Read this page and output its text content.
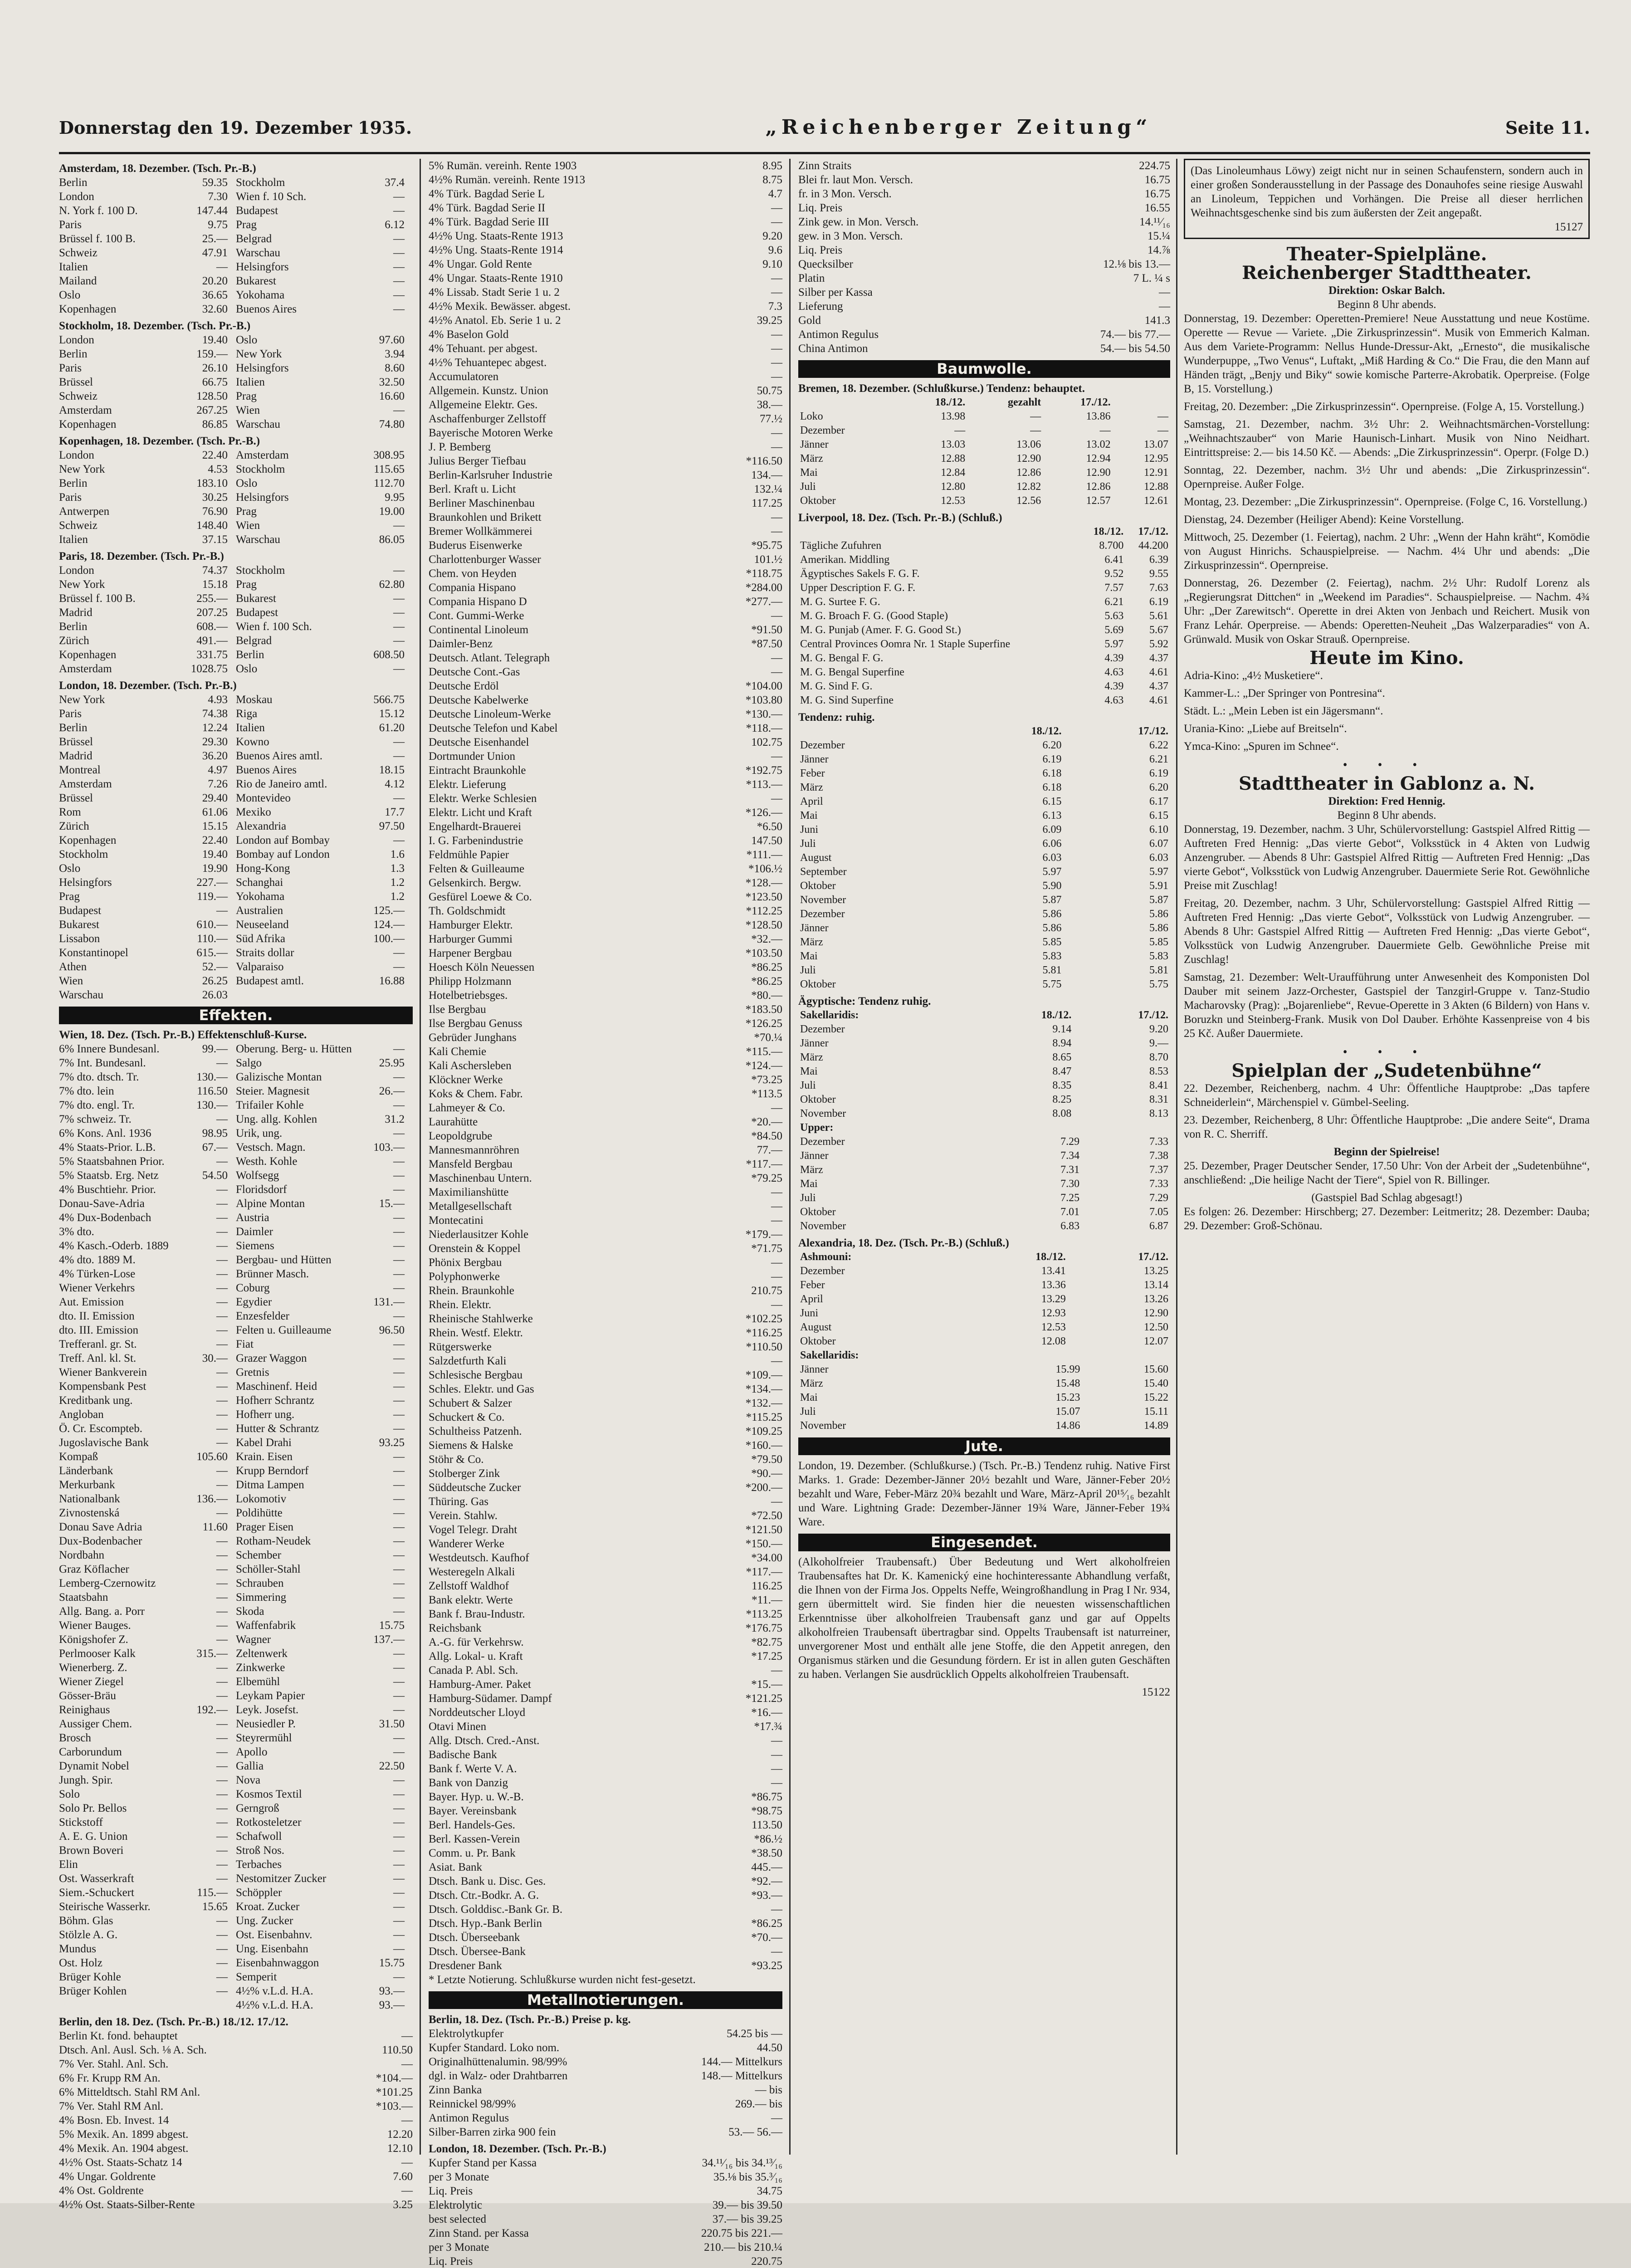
Donnerstag den 19. Dezember 1935.	„Reichenberger Zeitung“	Seite 11.
Amsterdam, 18. Dezember. (Tsch. Pr.-B.)
Berlin	59.35 Stockholm	37.4
London	7.30 Wien f. 10 Sch.	—
N. York f. 100 D.	147.44 Budapest	—
Paris	9.75 Prag	6.12
Brüssel f. 100 B.	25.— Belgrad	—
Schweiz	47.91 Warschau	—
Italien	— Helsingfors	—
Mailand	20.20 Bukarest	—
Oslo	36.65 Yokohama	—
Kopenhagen	32.60 Buenos Aires	—
Stockholm, 18. Dezember. (Tsch. Pr.-B.)
London	19.40 Oslo	97.60
Berlin	159.— New York	3.94
Paris	26.10 Helsingfors	8.60
Brüssel	66.75 Italien	32.50
Schweiz	128.50 Prag	16.60
Amsterdam	267.25 Wien	—
Kopenhagen	86.85 Warschau	74.80
Kopenhagen, 18. Dezember. (Tsch. Pr.-B.)
London	22.40 Amsterdam	308.95
New York	4.53 Stockholm	115.65
Berlin	183.10 Oslo	112.70
Paris	30.25 Helsingfors	9.95
Antwerpen	76.90 Prag	19.00
Schweiz	148.40 Wien	—
Italien	37.15 Warschau	86.05
Paris, 18. Dezember. (Tsch. Pr.-B.)
London	74.37 Stockholm	—
New York	15.18 Prag	62.80
Brüssel f. 100 B.	255.— Bukarest	—
Madrid	207.25 Budapest	—
Berlin	608.— Wien f. 100 Sch.	—
Zürich	491.— Belgrad	—
Kopenhagen	331.75 Berlin	608.50
Amsterdam	1028.75 Oslo	—
London, 18. Dezember. (Tsch. Pr.-B.)
New York	4.93 Moskau	566.75
Paris	74.38 Riga	15.12
Berlin	12.24 Italien	61.20
Brüssel	29.30 Kowno	—
Madrid	36.20 Buenos Aires amtl.	—
Montreal	4.97 Buenos Aires	18.15
Amsterdam	7.26 Rio de Janeiro amtl.	4.12
Brüssel	29.40 Montevideo	—
Rom	61.06 Mexiko	17.7
Zürich	15.15 Alexandria	97.50
Kopenhagen	22.40 London auf Bombay	—
Stockholm	19.40 Bombay auf London	1.6
Oslo	19.90 Hong-Kong	1.3
Helsingfors	227.— Schanghai	1.2
Prag	119.— Yokohama	1.2
Budapest	— Australien	125.—
Bukarest	610.— Neuseeland	124.—
Lissabon	110.— Süd Afrika	100.—
Konstantinopel	615.— Straits dollar	—
Athen	52.— Valparaiso	—
Wien	26.25 Budapest amtl.	16.88
Warschau	26.03
Effekten.
Wien, 18. Dez. (Tsch. Pr.-B.) Effektenschluß-Kurse.
6% Innere Bundesanl.	99.— Oberung. Berg- u. Hütten	—
7% Int. Bundesanl.	— Salgo	25.95
7% dto. dtsch. Tr.	130.— Galizische Montan	—
7% dto. lein	116.50 Steier. Magnesit	26.—
7% dto. engl. Tr.	130.— Trifailer Kohle	—
7% schweiz. Tr.	— Ung. allg. Kohlen	31.2
6% Kons. Anl. 1936	98.95 Urik, ung.	—
4% Staats-Prior. L.B.	67.— Vestsch. Magn.	103.—
5% Staatsbahnen Prior.	— Westh. Kohle	—
5% Staatsb. Erg. Netz	54.50 Wolfsegg	—
4% Buschtiehr. Prior.	— Floridsdorf	—
Donau-Save-Adria	— Alpine Montan	15.—
4% Dux-Bodenbach	— Austria	—
3% dto.	— Daimler	—
4% Kasch.-Oderb. 1889	— Siemens	—
4% dto. 1889 M.	— Bergbau- und Hütten	—
4% Türken-Lose	— Brünner Masch.	—
Wiener Verkehrs	— Coburg	—
Aut. Emission	— Egydier	131.—
dto. II. Emission	— Enzesfelder	—
dto. III. Emission	— Felten u. Guilleaume	96.50
Trefferanl. gr. St.	— Fiat	—
Treff. Anl. kl. St.	30.— Grazer Waggon	—
Wiener Bankverein	— Gretnis	—
Kompensbank Pest	— Maschinenf. Heid	—
Kreditbank ung.	— Hofherr Schrantz	—
Angloban	— Hofherr ung.	—
Ö. Cr. Escompteb.	— Hutter & Schrantz	—
Jugoslavische Bank	— Kabel Drahi	93.25
Kompaß	105.60 Krain. Eisen	—
Länderbank	— Krupp Berndorf	—
Merkurbank	— Ditma Lampen	—
Nationalbank	136.— Lokomotiv	—
Zivnostenská	— Poldihütte	—
Donau Save Adria	11.60 Prager Eisen	—
Dux-Bodenbacher	— Rotham-Neudek	—
Nordbahn	— Schember	—
Graz Köflacher	— Schöller-Stahl	—
Lemberg-Czernowitz	— Schrauben	—
Staatsbahn	— Simmering	—
Allg. Bang. a. Porr	— Skoda	—
Wiener Bauges.	— Waffenfabrik	15.75
Königshofer Z.	— Wagner	137.—
Perlmooser Kalk	315.— Zeltenwerk	—
Wienerberg. Z.	— Zinkwerke	—
Wiener Ziegel	— Elbemühl	—
Gösser-Bräu	— Leykam Papier	—
Reinighaus	192.— Leyk. Josefst.	—
Aussiger Chem.	— Neusiedler P.	31.50
Brosch	— Steyrermühl	—
Carborundum	— Apollo	—
Dynamit Nobel	— Gallia	22.50
Jungh. Spir.	— Nova	—
Solo	— Kosmos Textil	—
Solo Pr. Bellos	— Gerngroß	—
Stickstoff	— Rotkosteletzer	—
A. E. G. Union	— Schafwoll	—
Brown Boveri	— Stroß Nos.	—
Elin	— Terbaches	—
Ost. Wasserkraft	— Nestomitzer Zucker	—
Siem.-Schuckert	115.— Schöppler	—
Steirische Wasserkr.	15.65 Kroat. Zucker	—
Böhm. Glas	— Ung. Zucker	—
Stölzle A. G.	— Ost. Eisenbahnv.	—
Mundus	— Ung. Eisenbahn	—
Ost. Holz	— Eisenbahnwaggon	15.75
Brüger Kohle	— Semperit	—
Brüger Kohlen	— 4½% v.L.d. H.A.	93.—
4½% v.L.d. H.A.	93.—
Berlin, den 18. Dez. (Tsch. Pr.-B.) 18./12. 17./12.
Berlin Kt. fond. behauptet	—
Dtsch. Anl. Ausl. Sch. ⅛ A. Sch.	110.50
7% Ver. Stahl. Anl. Sch.	—
6% Fr. Krupp RM An.	*104.—
6% Mitteldtsch. Stahl RM Anl.	*101.25
7% Ver. Stahl RM Anl.	*103.—
4% Bosn. Eb. Invest. 14	—
5% Mexik. An. 1899 abgest.	12.20
4% Mexik. An. 1904 abgest.	12.10
4½% Ost. Staats-Schatz 14	—
4% Ungar. Goldrente	7.60
4% Ost. Goldrente	—
4½% Ost. Staats-Silber-Rente	3.25
5% Rumän. vereinh. Rente 1903	8.95
4½% Rumän. vereinh. Rente 1913	8.75
4% Türk. Bagdad Serie L	4.7
4% Türk. Bagdad Serie II	—
4% Türk. Bagdad Serie III	—
4½% Ung. Staats-Rente 1913	9.20
4½% Ung. Staats-Rente 1914	9.6
4% Ungar. Gold Rente	9.10
4% Ungar. Staats-Rente 1910	—
4% Lissab. Stadt Serie 1 u. 2	—
4½% Mexik. Bewässer. abgest.	7.3
4½% Anatol. Eb. Serie 1 u. 2	39.25
4% Baselon Gold	—
4% Tehuant. per abgest.	—
4½% Tehuantepec abgest.	—
Accumulatoren	—
Allgemein. Kunstz. Union	50.75
Allgemeine Elektr. Ges.	38.—
Aschaffenburger Zellstoff	77.½
Bayerische Motoren Werke	—
J. P. Bemberg	—
Julius Berger Tiefbau	*116.50
Berlin-Karlsruher Industrie	134.—
Berl. Kraft u. Licht	132.¼
Berliner Maschinenbau	117.25
Braunkohlen und Brikett	—
Bremer Wollkämmerei	—
Buderus Eisenwerke	*95.75
Charlottenburger Wasser	101.½
Chem. von Heyden	*118.75
Compania Hispano	*284.00
Compania Hispano D	*277.—
Cont. Gummi-Werke	—
Continental Linoleum	*91.50
Daimler-Benz	*87.50
Deutsch. Atlant. Telegraph	—
Deutsche Cont.-Gas	—
Deutsche Erdöl	*104.00
Deutsche Kabelwerke	*103.80
Deutsche Linoleum-Werke	*130.—
Deutsche Telefon und Kabel	*118.—
Deutsche Eisenhandel	102.75
Dortmunder Union	—
Eintracht Braunkohle	*192.75
Elektr. Lieferung	*113.—
Elektr. Werke Schlesien	—
Elektr. Licht und Kraft	*126.—
Engelhardt-Brauerei	*6.50
I. G. Farbenindustrie	147.50
Feldmühle Papier	*111.—
Felten & Guilleaume	*106.½
Gelsenkirch. Bergw.	*128.—
Gesfürel Loewe & Co.	*123.50
Th. Goldschmidt	*112.25
Hamburger Elektr.	*128.50
Harburger Gummi	*32.—
Harpener Bergbau	*103.50
Hoesch Köln Neuessen	*86.25
Philipp Holzmann	*86.25
Hotelbetriebsges.	*80.—
Ilse Bergbau	*183.50
Ilse Bergbau Genuss	*126.25
Gebrüder Junghans	*70.¼
Kali Chemie	*115.—
Kali Aschersleben	*124.—
Klöckner Werke	*73.25
Koks & Chem. Fabr.	*113.5
Lahmeyer & Co.	—
Laurahütte	*20.—
Leopoldgrube	*84.50
Mannesmannröhren	77.—
Mansfeld Bergbau	*117.—
Maschinenbau Untern.	*79.25
Maximilianshütte	—
Metallgesellschaft	—
Montecatini	—
Niederlausitzer Kohle	*179.—
Orenstein & Koppel	*71.75
Phönix Bergbau	—
Polyphonwerke	—
Rhein. Braunkohle	210.75
Rhein. Elektr.	—
Rheinische Stahlwerke	*102.25
Rhein. Westf. Elektr.	*116.25
Rütgerswerke	*110.50
Salzdetfurth Kali	—
Schlesische Bergbau	*109.—
Schles. Elektr. und Gas	*134.—
Schubert & Salzer	*132.—
Schuckert & Co.	*115.25
Schultheiss Patzenh.	*109.25
Siemens & Halske	*160.—
Stöhr & Co.	*79.50
Stolberger Zink	*90.—
Süddeutsche Zucker	*200.—
Thüring. Gas	—
Verein. Stahlw.	*72.50
Vogel Telegr. Draht	*121.50
Wanderer Werke	*150.—
Westdeutsch. Kaufhof	*34.00
Westeregeln Alkali	*117.—
Zellstoff Waldhof	116.25
Bank elektr. Werte	*11.—
Bank f. Brau-Industr.	*113.25
Reichsbank	*176.75
A.-G. für Verkehrsw.	*82.75
Allg. Lokal- u. Kraft	*17.25
Canada P. Abl. Sch.	—
Hamburg-Amer. Paket	*15.—
Hamburg-Südamer. Dampf	*121.25
Norddeutscher Lloyd	*16.—
Otavi Minen	*17.¾
Allg. Dtsch. Cred.-Anst.	—
Badische Bank	—
Bank f. Werte V. A.	—
Bank von Danzig	—
Bayer. Hyp. u. W.-B.	*86.75
Bayer. Vereinsbank	*98.75
Berl. Handels-Ges.	113.50
Berl. Kassen-Verein	*86.½
Comm. u. Pr. Bank	*38.50
Asiat. Bank	445.—
Dtsch. Bank u. Disc. Ges.	*92.—
Dtsch. Ctr.-Bodkr. A. G.	*93.—
Dtsch. Golddisc.-Bank Gr. B.	—
Dtsch. Hyp.-Bank Berlin	*86.25
Dtsch. Überseebank	*70.—
Dtsch. Übersee-Bank	—
Dresdener Bank	*93.25
* Letzte Notierung. Schlußkurse wurden nicht fest-gesetzt.
Metallnotierungen.
Berlin, 18. Dez. (Tsch. Pr.-B.) Preise p. kg.
Elektrolytkupfer	54.25 bis —
Kupfer Standard. Loko nom.	44.50
Originalhüttenalumin. 98/99%	144.— Mittelkurs
dgl. in Walz- oder Drahtbarren	148.— Mittelkurs
Zinn Banka	— bis
Reinnickel 98/99%	269.— bis
Antimon Regulus	—
Silber-Barren zirka 900 fein	53.— 56.—
London, 18. Dezember. (Tsch. Pr.-B.)
Kupfer Stand per Kassa	34.¹¹⁄₁₆ bis 34.¹³⁄₁₆
per 3 Monate	35.⅛ bis 35.³⁄₁₆
Liq. Preis	34.75
Elektrolytic	39.— bis 39.50
best selected	37.— bis 39.25
Zinn Stand. per Kassa	220.75 bis 221.—
per 3 Monate	210.— bis 210.¼
Liq. Preis	220.75
Zinn Straits	224.75
Blei fr. laut Mon. Versch.	16.75
fr. in 3 Mon. Versch.	16.75
Liq. Preis	16.55
Zink gew. in Mon. Versch.	14.¹¹⁄₁₆
gew. in 3 Mon. Versch.	15.¼
Liq. Preis	14.⅞
Quecksilber	12.⅛ bis 13.—
Platin	7 L. ¼ s
Silber per Kassa	—
Lieferung	—
Gold	141.3
Antimon Regulus	74.— bis 77.—
China Antimon	54.— bis 54.50
Baumwolle.
Bremen, 18. Dezember. (Schlußkurse.) Tendenz: behauptet.
	18./12.	gezahlt	17./12.	
Loko	13.98	—	13.86	—
Dezember	—	—	—	—
Jänner	13.03	13.06	13.02	13.07
März	12.88	12.90	12.94	12.95
Mai	12.84	12.86	12.90	12.91
Juli	12.80	12.82	12.86	12.88
Oktober	12.53	12.56	12.57	12.61
Liverpool, 18. Dez. (Tsch. Pr.-B.) (Schluß.)
	18./12.	17./12.
Tägliche Zufuhren	8.700	44.200
Amerikan. Middling	6.41	6.39
Ägyptisches Sakels F. G. F.	9.52	9.55
Upper Description F. G. F.	7.57	7.63
M. G. Surtee F. G.	6.21	6.19
M. G. Broach F. G. (Good Staple)	5.63	5.61
M. G. Punjab (Amer. F. G. Good St.)	5.69	5.67
Central Provinces Oomra Nr. 1 Staple Superfine	5.97	5.92
M. G. Bengal F. G.	4.39	4.37
M. G. Bengal Superfine	4.63	4.61
M. G. Sind F. G.	4.39	4.37
M. G. Sind Superfine	4.63	4.61
Tendenz: ruhig.
	18./12.	17./12.
Dezember	6.20	6.22
Jänner	6.19	6.21
Feber	6.18	6.19
März	6.18	6.20
April	6.15	6.17
Mai	6.13	6.15
Juni	6.09	6.10
Juli	6.06	6.07
August	6.03	6.03
September	5.97	5.97
Oktober	5.90	5.91
November	5.87	5.87
Dezember	5.86	5.86
Jänner	5.86	5.86
März	5.85	5.85
Mai	5.83	5.83
Juli	5.81	5.81
Oktober	5.75	5.75
Ägyptische: Tendenz ruhig.
Sakellaridis:	18./12.	17./12.
Dezember	9.14	9.20
Jänner	8.94	9.—
März	8.65	8.70
Mai	8.47	8.53
Juli	8.35	8.41
Oktober	8.25	8.31
November	8.08	8.13
Upper:		
Dezember	7.29	7.33
Jänner	7.34	7.38
März	7.31	7.37
Mai	7.30	7.33
Juli	7.25	7.29
Oktober	7.01	7.05
November	6.83	6.87
Alexandria, 18. Dez. (Tsch. Pr.-B.) (Schluß.)
Ashmouni:	18./12.	17./12.
Dezember	13.41	13.25
Feber	13.36	13.14
April	13.29	13.26
Juni	12.93	12.90
August	12.53	12.50
Oktober	12.08	12.07
Sakellaridis:		
Jänner	15.99	15.60
März	15.48	15.40
Mai	15.23	15.22
Juli	15.07	15.11
November	14.86	14.89
Jute.
London, 19. Dezember. (Schlußkurse.) (Tsch. Pr.-B.) Tendenz ruhig. Native First Marks. 1. Grade: Dezember-Jänner 20½ bezahlt und Ware, Jänner-Feber 20½ bezahlt und Ware, Feber-März 20¾ bezahlt und Ware, März-April 20¹⁵⁄₁₆ bezahlt und Ware. Lightning Grade: Dezember-Jänner 19¾ Ware, Jänner-Feber 19¾ Ware.
Eingesendet.
(Alkoholfreier Traubensaft.) Über Bedeutung und Wert alkoholfreien Traubensaftes hat Dr. K. Kamenický eine hochinteressante Abhandlung verfaßt, die Ihnen von der Firma Jos. Oppelts Neffe, Weingroßhandlung in Prag I Nr. 934, gern übermittelt wird. Sie finden hier die neuesten wissenschaftlichen Erkenntnisse über alkoholfreien Traubensaft ganz und gar auf Oppelts alkoholfreien Traubensaft übertragbar sind. Oppelts Traubensaft ist naturreiner, unvergorener Most und enthält alle jene Stoffe, die den Appetit anregen, den Organismus stärken und die Gesundung fördern. Er ist in allen guten Geschäften zu haben. Verlangen Sie ausdrücklich Oppelts alkoholfreien Traubensaft.
15122
(Das Linoleumhaus Löwy) zeigt nicht nur in seinen Schaufenstern, sondern auch in einer großen Sonderausstellung in der Passage des Donauhofes seine riesige Auswahl an Linoleum, Teppichen und Vorhängen. Die Preise all dieser herrlichen Weihnachtsgeschenke sind bis zum äußersten der Zeit angepaßt.
15127
Theater-Spielpläne.
Reichenberger Stadttheater.
Direktion: Oskar Balch.
Beginn 8 Uhr abends.
Donnerstag, 19. Dezember: Operetten-Premiere! Neue Ausstattung und neue Kostüme. Operette — Revue — Variete. „Die Zirkusprinzessin“. Musik von Emmerich Kalman. Aus dem Variete-Programm: Nellus Hunde-Dressur-Akt, „Ernesto“, die musikalische Wunderpuppe, „Two Venus“, Luftakt, „Miß Harding & Co.“ Die Frau, die den Mann auf Händen trägt, „Benjy und Biky“ sowie komische Parterre-Akrobatik. Operpreise. (Folge B, 15. Vorstellung.)
Freitag, 20. Dezember: „Die Zirkusprinzessin“. Opernpreise. (Folge A, 15. Vorstellung.)
Samstag, 21. Dezember, nachm. 3½ Uhr: 2. Weihnachtsmärchen-Vorstellung: „Weihnachtszauber“ von Marie Haunisch-Linhart. Musik von Nino Neidhart. Eintrittspreise: 2.— bis 14.50 Kč. — Abends: „Die Zirkusprinzessin“. Operpr. (Folge D.)
Sonntag, 22. Dezember, nachm. 3½ Uhr und abends: „Die Zirkusprinzessin“. Opernpreise. Außer Folge.
Montag, 23. Dezember: „Die Zirkusprinzessin“. Opernpreise. (Folge C, 16. Vorstellung.)
Dienstag, 24. Dezember (Heiliger Abend): Keine Vorstellung.
Mittwoch, 25. Dezember (1. Feiertag), nachm. 2 Uhr: „Wenn der Hahn kräht“, Komödie von August Hinrichs. Schauspielpreise. — Nachm. 4¼ Uhr und abends: „Die Zirkusprinzessin“. Opernpreise.
Donnerstag, 26. Dezember (2. Feiertag), nachm. 2½ Uhr: Rudolf Lorenz als „Regierungsrat Dittchen“ in „Weekend im Paradies“. Schauspielpreise. — Nachm. 4¾ Uhr: „Der Zarewitsch“. Operette in drei Akten von Jenbach und Reichert. Musik von Franz Lehár. Operpreise. — Abends: Operetten-Neuheit „Das Walzerparadies“ von A. Grünwald. Musik von Oskar Strauß. Opernpreise.
Heute im Kino.
Adria-Kino: „4½ Musketiere“.
Kammer-L.: „Der Springer von Pontresina“.
Städt. L.: „Mein Leben ist ein Jägersmann“.
Urania-Kino: „Liebe auf Breitseln“.
Ymca-Kino: „Spuren im Schnee“.
• • •
Stadttheater in Gablonz a. N.
Direktion: Fred Hennig.
Beginn 8 Uhr abends.
Donnerstag, 19. Dezember, nachm. 3 Uhr, Schülervorstellung: Gastspiel Alfred Rittig — Auftreten Fred Hennig: „Das vierte Gebot“, Volksstück in 4 Akten von Ludwig Anzengruber. — Abends 8 Uhr: Gastspiel Alfred Rittig — Auftreten Fred Hennig: „Das vierte Gebot“, Volksstück von Ludwig Anzengruber. Dauermiete Serie Rot. Gewöhnliche Preise mit Zuschlag!
Freitag, 20. Dezember, nachm. 3 Uhr, Schülervorstellung: Gastspiel Alfred Rittig — Auftreten Fred Hennig: „Das vierte Gebot“, Volksstück von Ludwig Anzengruber. — Abends 8 Uhr: Gastspiel Alfred Rittig — Auftreten Fred Hennig: „Das vierte Gebot“, Volksstück von Ludwig Anzengruber. Dauermiete Gelb. Gewöhnliche Preise mit Zuschlag!
Samstag, 21. Dezember: Welt-Uraufführung unter Anwesenheit des Komponisten Dol Dauber mit seinem Jazz-Orchester, Gastspiel der Tanzgirl-Gruppe v. Tanz-Studio Macharovsky (Prag): „Bojarenliebe“, Revue-Operette in 3 Akten (6 Bildern) von Hans v. Boruzkn und Steinberg-Frank. Musik von Dol Dauber. Erhöhte Kassenpreise von 4 bis 25 Kč. Außer Dauermiete.
• • •
Spielplan der „Sudetenbühne“
22. Dezember, Reichenberg, nachm. 4 Uhr: Öffentliche Hauptprobe: „Das tapfere Schneiderlein“, Märchenspiel v. Gümbel-Seeling.
23. Dezember, Reichenberg, 8 Uhr: Öffentliche Hauptprobe: „Die andere Seite“, Drama von R. C. Sherriff.
Beginn der Spielreise!
25. Dezember, Prager Deutscher Sender, 17.50 Uhr: Von der Arbeit der „Sudetenbühne“, anschließend: „Die heilige Nacht der Tiere“, Spiel von R. Billinger.
(Gastspiel Bad Schlag abgesagt!)
Es folgen: 26. Dezember: Hirschberg; 27. Dezember: Leitmeritz; 28. Dezember: Dauba; 29. Dezember: Groß-Schönau.
